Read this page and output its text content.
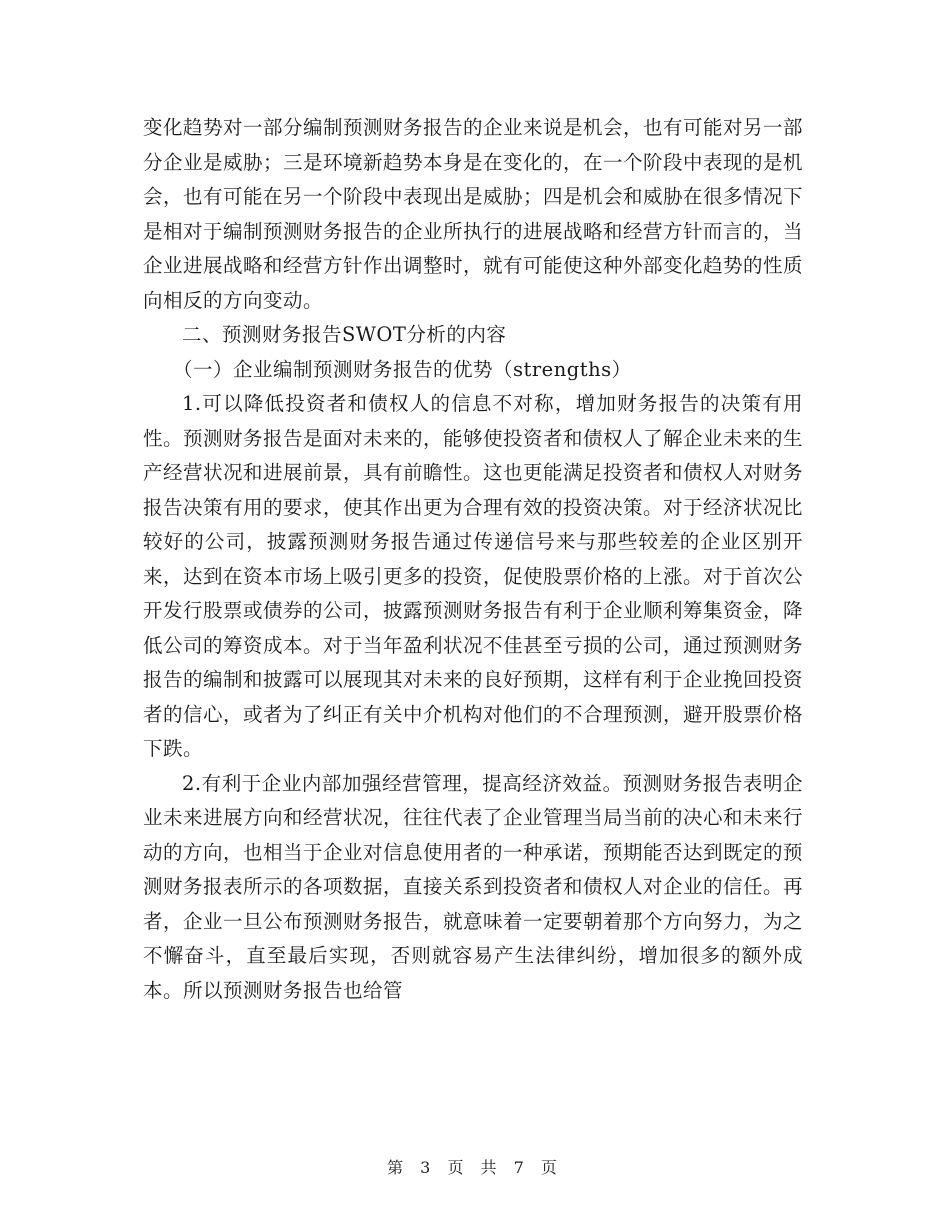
变化趋势对一部分编制预测财务报告的企业来说是机会，也有可能对另一部分企业是威胁；三是环境新趋势本身是在变化的，在一个阶段中表现的是机会，也有可能在另一个阶段中表现出是威胁；四是机会和威胁在很多情况下是相对于编制预测财务报告的企业所执行的进展战略和经营方针而言的，当企业进展战略和经营方针作出调整时，就有可能使这种外部变化趋势的性质向相反的方向变动。

二、预测财务报告SWOT分析的内容

（一）企业编制预测财务报告的优势（strengths）

1.可以降低投资者和债权人的信息不对称，增加财务报告的决策有用性。预测财务报告是面对未来的，能够使投资者和债权人了解企业未来的生产经营状况和进展前景，具有前瞻性。这也更能满足投资者和债权人对财务报告决策有用的要求，使其作出更为合理有效的投资决策。对于经济状况比较好的公司，披露预测财务报告通过传递信号来与那些较差的企业区别开来，达到在资本市场上吸引更多的投资，促使股票价格的上涨。对于首次公开发行股票或债券的公司，披露预测财务报告有利于企业顺利筹集资金，降低公司的筹资成本。对于当年盈利状况不佳甚至亏损的公司，通过预测财务报告的编制和披露可以展现其对未来的良好预期，这样有利于企业挽回投资者的信心，或者为了纠正有关中介机构对他们的不合理预测，避开股票价格下跌。

2.有利于企业内部加强经营管理，提高经济效益。预测财务报告表明企业未来进展方向和经营状况，往往代表了企业管理当局当前的决心和未来行动的方向，也相当于企业对信息使用者的一种承诺，预期能否达到既定的预测财务报表所示的各项数据，直接关系到投资者和债权人对企业的信任。再者，企业一旦公布预测财务报告，就意味着一定要朝着那个方向努力，为之不懈奋斗，直至最后实现，否则就容易产生法律纠纷，增加很多的额外成本。所以预测财务报告也给管

第 3 页 共 7 页
